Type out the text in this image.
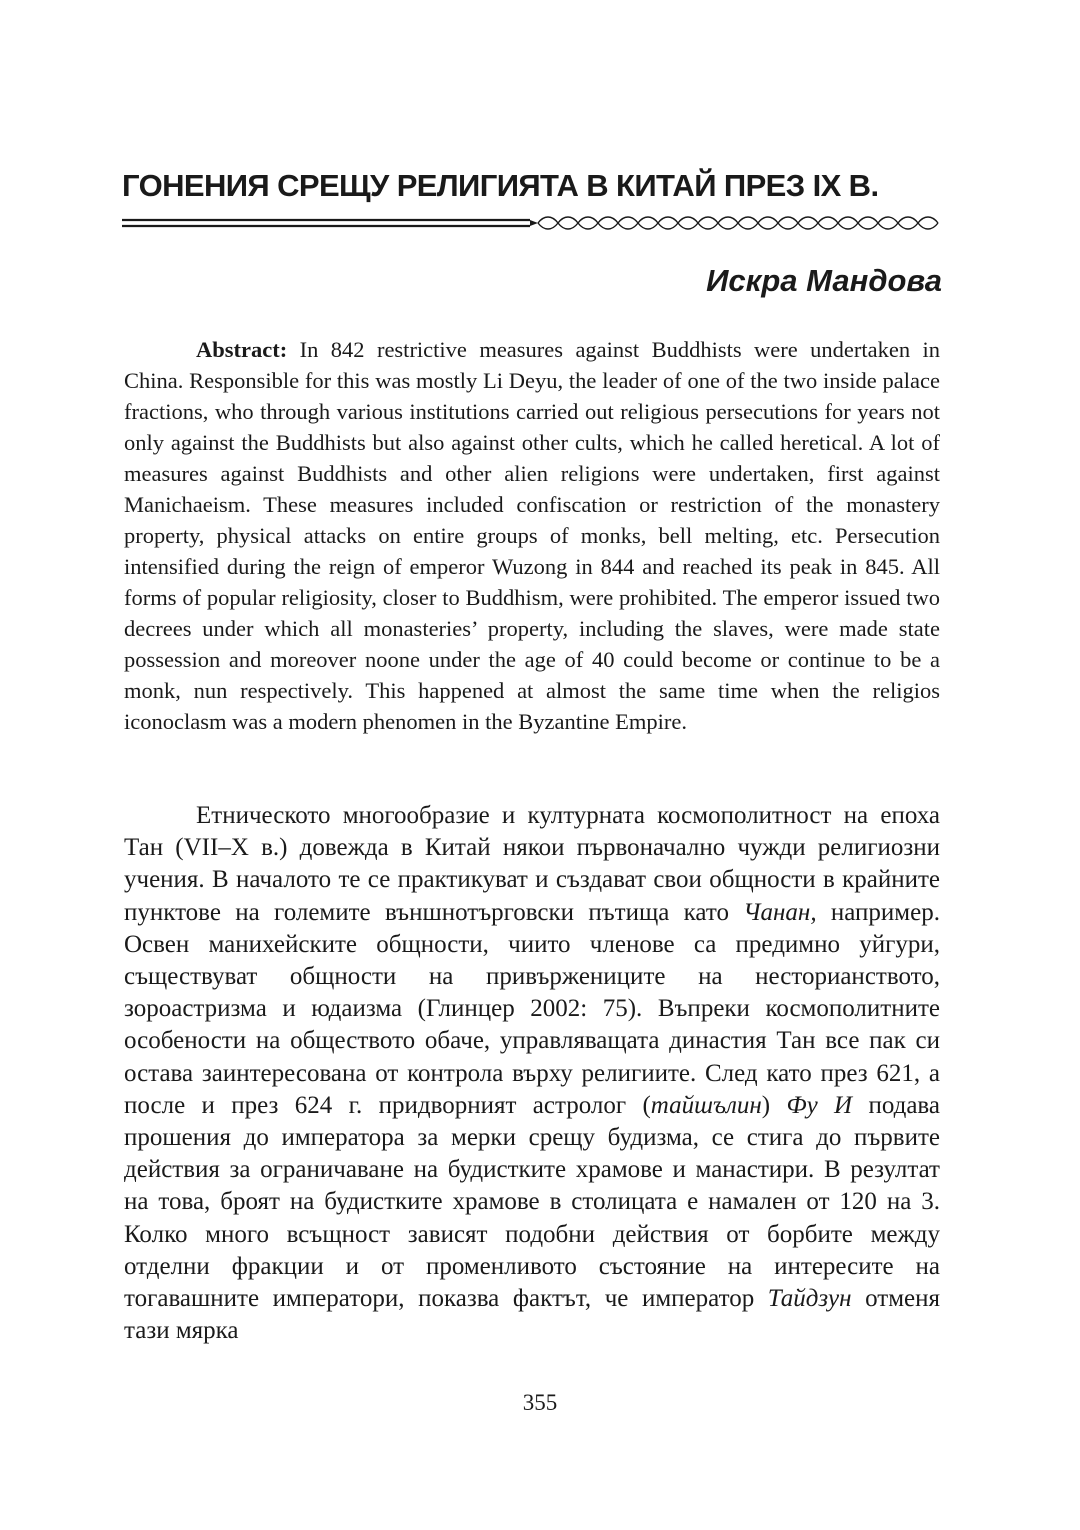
ГОНЕНИЯ СРЕЩУ РЕЛИГИЯТА В КИТАЙ ПРЕЗ IX В.
Искра Мандова

Abstract: In 842 restrictive measures against Buddhists were undertaken in China. Responsible for this was mostly Li Deyu, the leader of one of the two inside palace fractions, who through various institutions carried out religious persecutions for years not only against the Buddhists but also against other cults, which he called heretical. A lot of measures against Buddhists and other alien religions were undertaken, first against Manichaeism. These measures included confiscation or restriction of the monastery property, physical attacks on entire groups of monks, bell melting, etc. Persecution intensified during the reign of emperor Wuzong in 844 and reached its peak in 845. All forms of popular religiosity, closer to Buddhism, were prohibited. The emperor issued two decrees under which all monasteries’ property, including the slaves, were made state possession and moreover noone under the age of 40 could become or continue to be a monk, nun respectively. This happened at almost the same time when the religios iconoclasm was a modern phenomen in the Byzantine Empire.

Етническото многообразие и културната космополитност на епоха Тан (VII–X в.) довежда в Китай някои първоначално чужди религиозни учения. В началото те се практикуват и създават свои общности в крайните пунктове на големите външнотърговски пътища като Чанан, например. Освен манихейските общности, чиито членове са предимно уйгури, съществуват общности на привържениците на несторианството, зороастризма и юдаизма (Глинцер 2002: 75). Въпреки космополитните особености на обществото обаче, управляващата династия Тан все пак си остава заинтересована от контрола върху религиите. След като през 621, а после и през 624 г. придворният астролог (тайшълин) Фу И подава прошения до императора за мерки срещу будизма, се стига до първите действия за ограничаване на будистките храмове и манастири. В резултат на това, броят на будистките храмове в столицата е намален от 120 на 3. Колко много всъщност зависят подобни действия от борбите между отделни фракции и от променливото състояние на интересите на тогавашните императори, показва фактът, че император Тайдзун отменя тази мярка

355
